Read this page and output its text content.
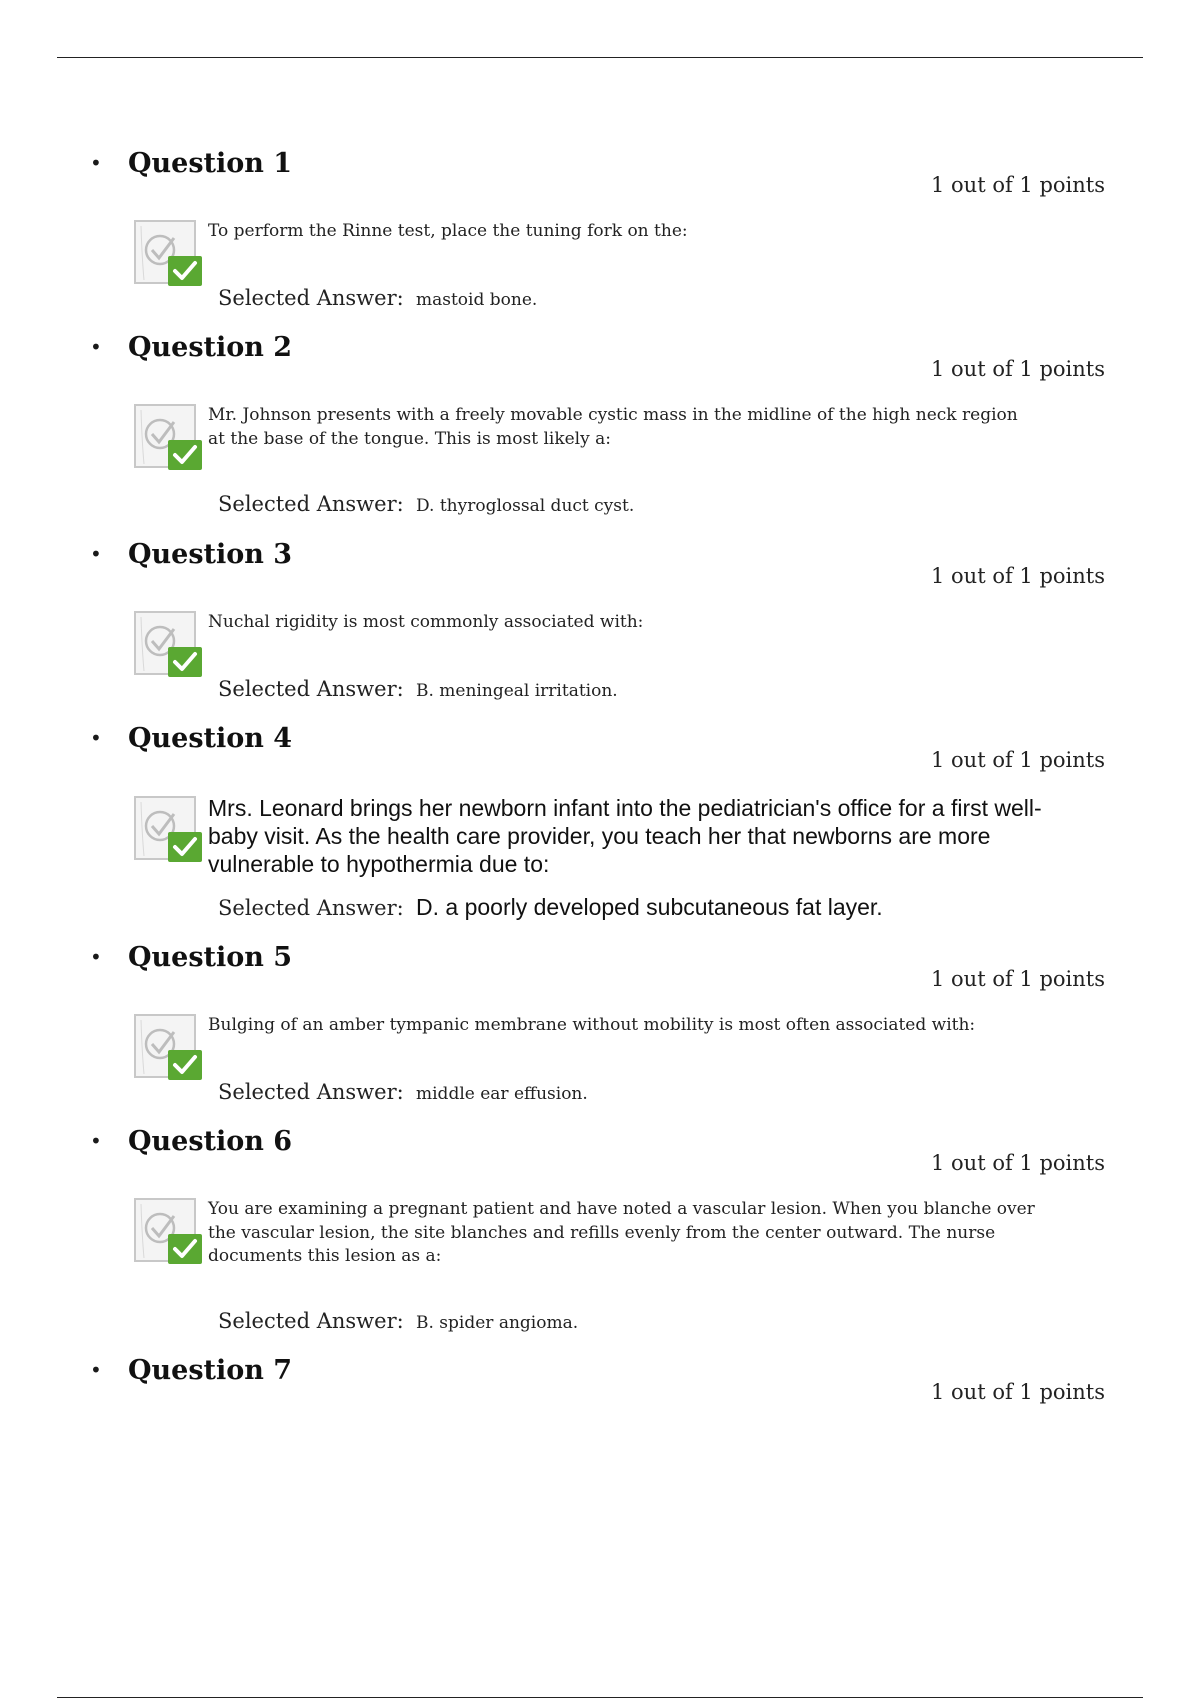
• Question 1
1 out of 1 points
To perform the Rinne test, place the tuning fork on the:
Selected Answer: mastoid bone.
• Question 2
1 out of 1 points
Mr. Johnson presents with a freely movable cystic mass in the midline of the high neck region at the base of the tongue. This is most likely a:
Selected Answer: D. thyroglossal duct cyst.
• Question 3
1 out of 1 points
Nuchal rigidity is most commonly associated with:
Selected Answer: B. meningeal irritation.
• Question 4
1 out of 1 points
Mrs. Leonard brings her newborn infant into the pediatrician's office for a first well-baby visit. As the health care provider, you teach her that newborns are more vulnerable to hypothermia due to:
Selected Answer: D. a poorly developed subcutaneous fat layer.
• Question 5
1 out of 1 points
Bulging of an amber tympanic membrane without mobility is most often associated with:
Selected Answer: middle ear effusion.
• Question 6
1 out of 1 points
You are examining a pregnant patient and have noted a vascular lesion. When you blanche over the vascular lesion, the site blanches and refills evenly from the center outward. The nurse documents this lesion as a:
Selected Answer: B. spider angioma.
• Question 7
1 out of 1 points
